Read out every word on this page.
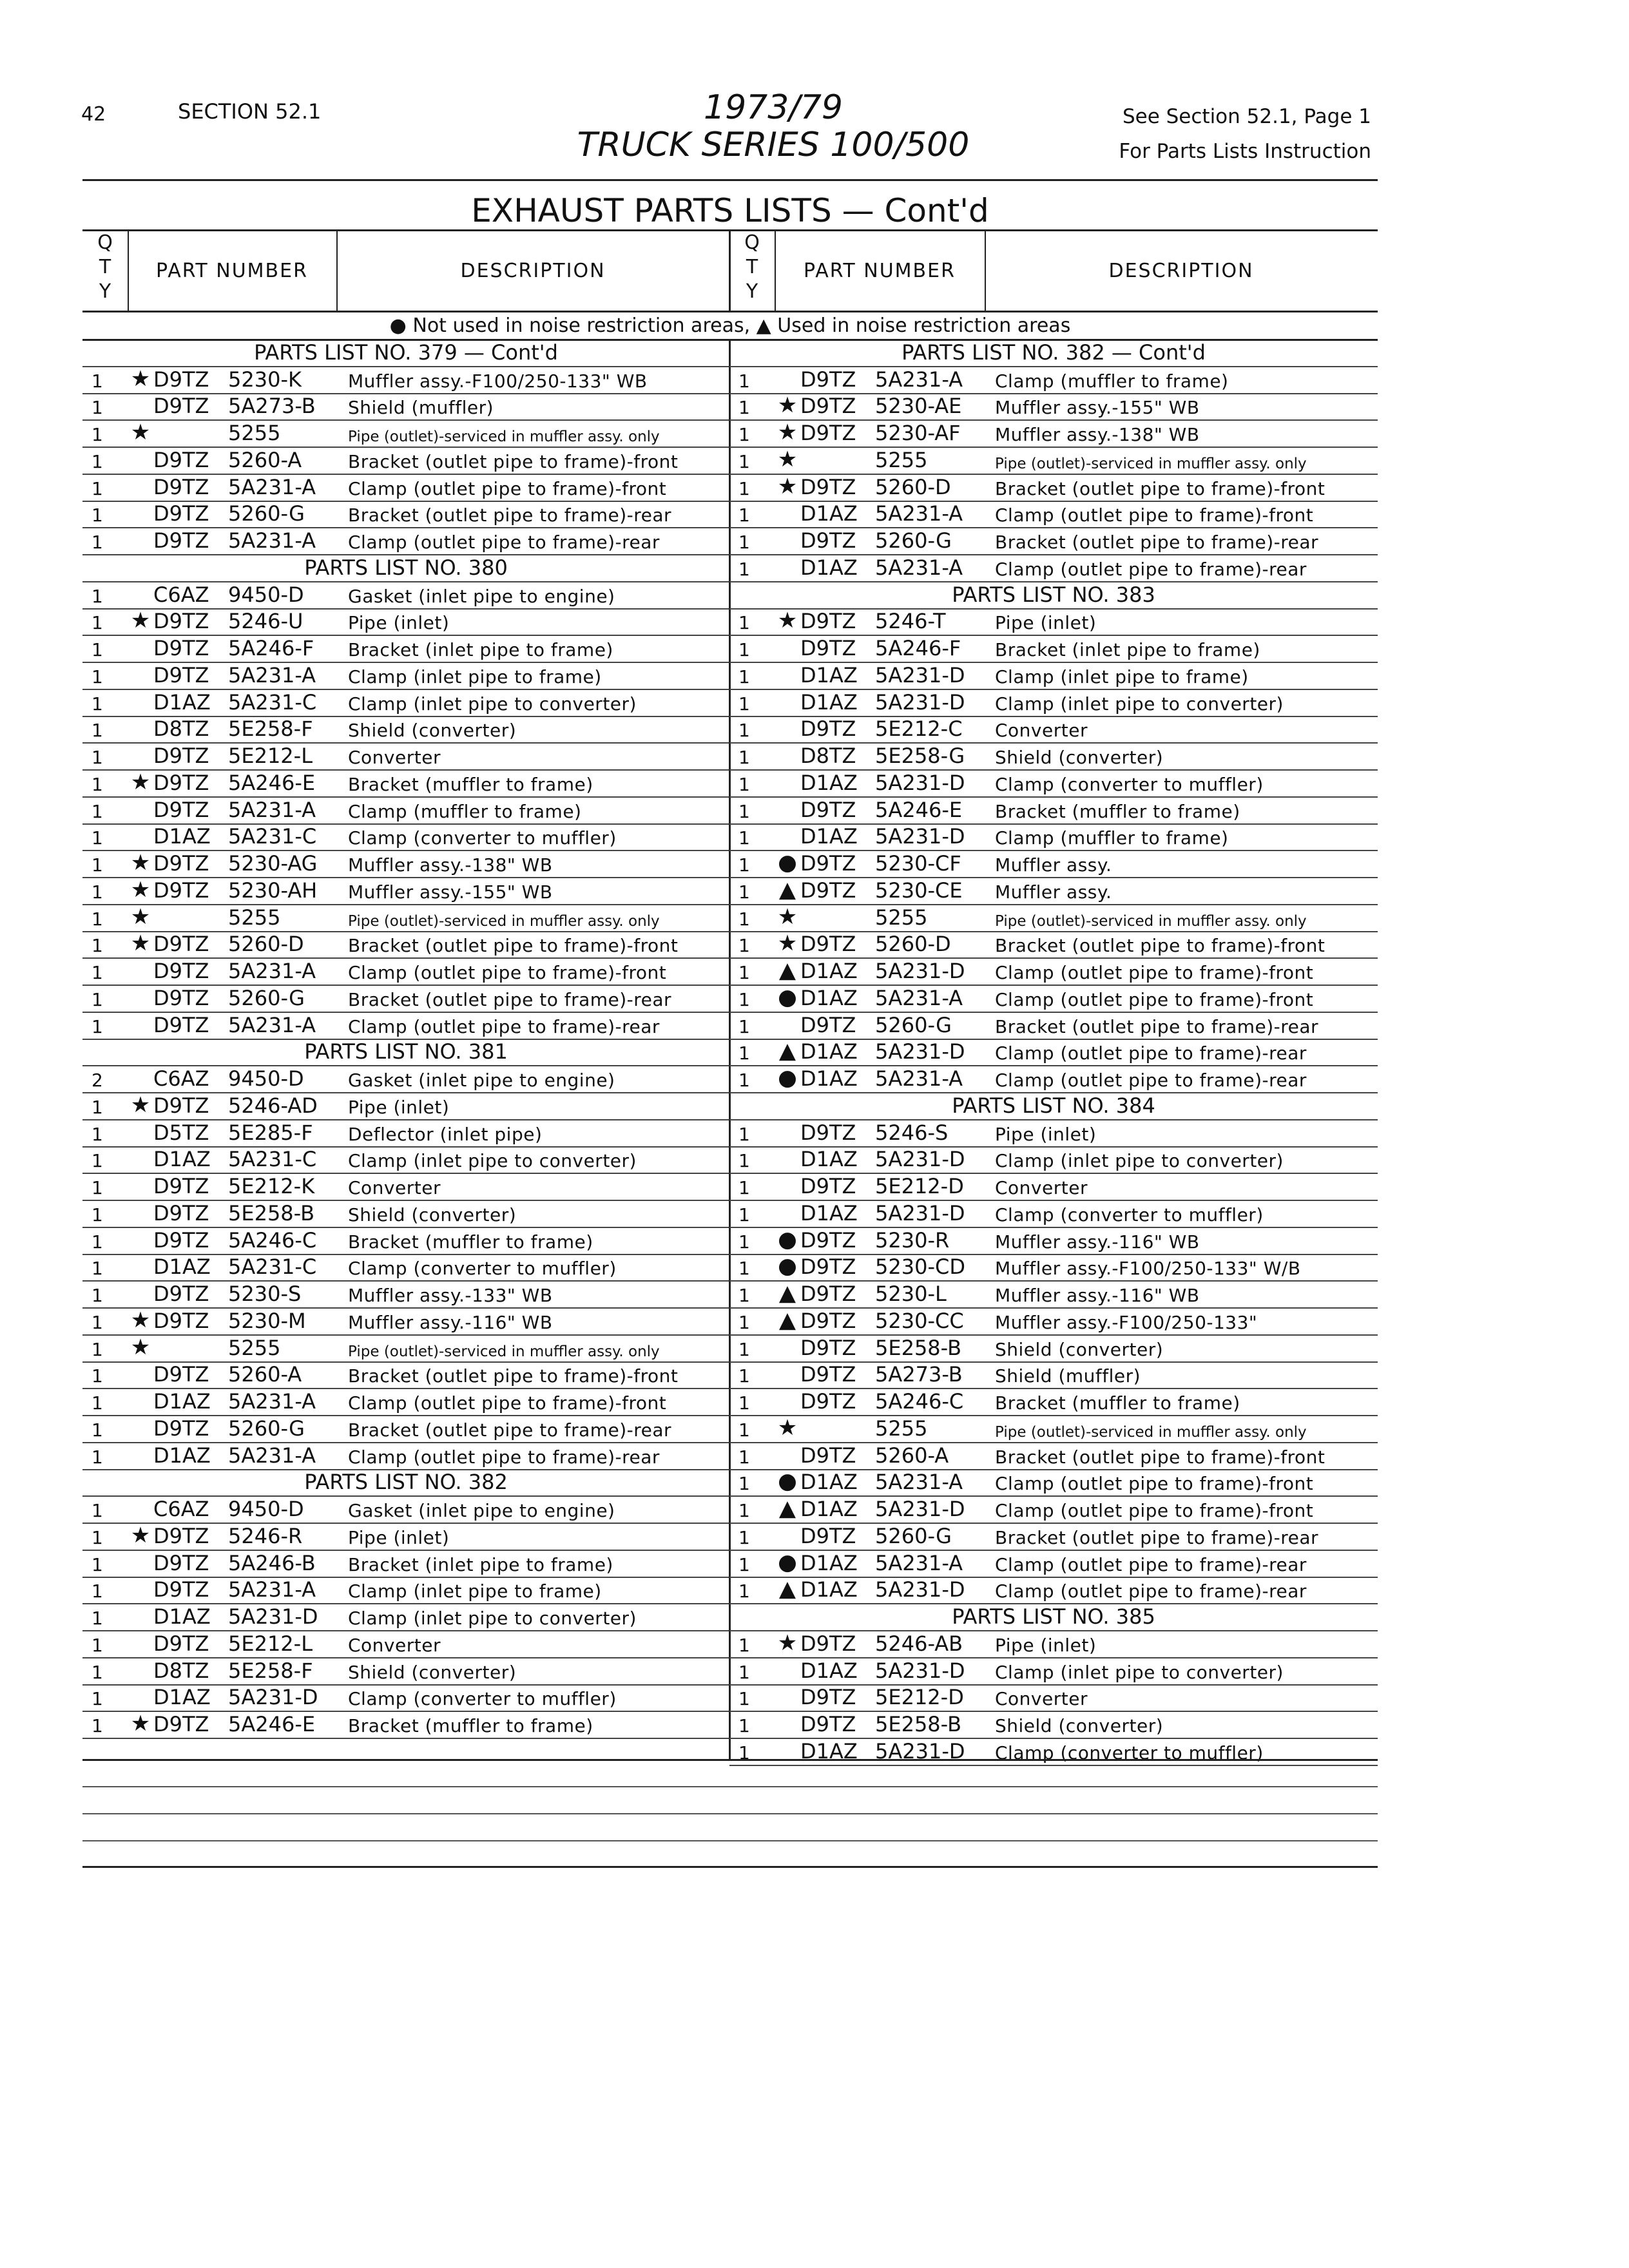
42	SECTION 52.1	1973/79
TRUCK SERIES 100/500
See Section 52.1, Page 1
For Parts Lists Instruction
EXHAUST PARTS LISTS — Cont'd
Q
T
Y
PART NUMBER	DESCRIPTION
Q
T
Y
PART NUMBER	DESCRIPTION
● Not used in noise restriction areas, ▲ Used in noise restriction areas
PARTS LIST NO. 379 — Cont'd
1 ★ D9TZ 5230-K	Muffler assy.-F100/250-133" WB
1 D9TZ 5A273-B Shield (muffler)
1 ★	5255	Pipe (outlet)-serviced in muffler assy. only
1 D9TZ 5260-A	Bracket (outlet pipe to frame)-front
1 D9TZ 5A231-A Clamp (outlet pipe to frame)-front
1 D9TZ 5260-G Bracket (outlet pipe to frame)-rear
1 D9TZ 5A231-A Clamp (outlet pipe to frame)-rear
PARTS LIST NO. 380
1 C6AZ 9450-D Gasket (inlet pipe to engine)
1 ★ D9TZ 5246-U Pipe (inlet)
1 D9TZ 5A246-F Bracket (inlet pipe to frame)
1 D9TZ 5A231-A Clamp (inlet pipe to frame)
1 D1AZ 5A231-C Clamp (inlet pipe to converter)
1 D8TZ 5E258-F Shield (converter)
1 D9TZ 5E212-L Converter
1 ★ D9TZ 5A246-E Bracket (muffler to frame)
1 D9TZ 5A231-A Clamp (muffler to frame)
1 D1AZ 5A231-C Clamp (converter to muffler)
1 ★ D9TZ 5230-AG Muffler assy.-138" WB
1 ★ D9TZ 5230-AH Muffler assy.-155" WB
1 ★	5255	Pipe (outlet)-serviced in muffler assy. only
1 ★ D9TZ 5260-D Bracket (outlet pipe to frame)-front
1 D9TZ 5A231-A Clamp (outlet pipe to frame)-front
1 D9TZ 5260-G Bracket (outlet pipe to frame)-rear
1 D9TZ 5A231-A Clamp (outlet pipe to frame)-rear
PARTS LIST NO. 381
2 C6AZ 9450-D Gasket (inlet pipe to engine)
1 ★ D9TZ 5246-AD Pipe (inlet)
1 D5TZ 5E285-F Deflector (inlet pipe)
1 D1AZ 5A231-C Clamp (inlet pipe to converter)
1 D9TZ 5E212-K Converter
1 D9TZ 5E258-B Shield (converter)
1 D9TZ 5A246-C Bracket (muffler to frame)
1 D1AZ 5A231-C Clamp (converter to muffler)
1 D9TZ 5230-S	Muffler assy.-133" WB
1 ★ D9TZ 5230-M Muffler assy.-116" WB
1 ★	5255	Pipe (outlet)-serviced in muffler assy. only
1 D9TZ 5260-A	Bracket (outlet pipe to frame)-front
1 D1AZ 5A231-A Clamp (outlet pipe to frame)-front
1 D9TZ 5260-G Bracket (outlet pipe to frame)-rear
1 D1AZ 5A231-A Clamp (outlet pipe to frame)-rear
PARTS LIST NO. 382
1 C6AZ 9450-D Gasket (inlet pipe to engine)
1 ★ D9TZ 5246-R	Pipe (inlet)
1 D9TZ 5A246-B Bracket (inlet pipe to frame)
1 D9TZ 5A231-A Clamp (inlet pipe to frame)
1 D1AZ 5A231-D Clamp (inlet pipe to converter)
1 D9TZ 5E212-L Converter
1 D8TZ 5E258-F Shield (converter)
1 D1AZ 5A231-D Clamp (converter to muffler)
1 ★ D9TZ 5A246-E Bracket (muffler to frame)
PARTS LIST NO. 382 — Cont'd
1 D9TZ 5A231-A Clamp (muffler to frame)
1 ★ D9TZ 5230-AE Muffler assy.-155" WB
1 ★ D9TZ 5230-AF Muffler assy.-138" WB
1 ★	5255	Pipe (outlet)-serviced in muffler assy. only
1 ★ D9TZ 5260-D Bracket (outlet pipe to frame)-front
1 D1AZ 5A231-A Clamp (outlet pipe to frame)-front
1 D9TZ 5260-G Bracket (outlet pipe to frame)-rear
1 D1AZ 5A231-A Clamp (outlet pipe to frame)-rear
PARTS LIST NO. 383
1 ★ D9TZ 5246-T	Pipe (inlet)
1 D9TZ 5A246-F Bracket (inlet pipe to frame)
1 D1AZ 5A231-D Clamp (inlet pipe to frame)
1 D1AZ 5A231-D Clamp (inlet pipe to converter)
1 D9TZ 5E212-C Converter
1 D8TZ 5E258-G Shield (converter)
1 D1AZ 5A231-D Clamp (converter to muffler)
1 D9TZ 5A246-E Bracket (muffler to frame)
1 D1AZ 5A231-D Clamp (muffler to frame)
1 ● D9TZ 5230-CF Muffler assy.
1 ▲ D9TZ 5230-CE Muffler assy.
1 ★	5255	Pipe (outlet)-serviced in muffler assy. only
1 ★ D9TZ 5260-D Bracket (outlet pipe to frame)-front
1 ▲ D1AZ 5A231-D Clamp (outlet pipe to frame)-front
1 ● D1AZ 5A231-A Clamp (outlet pipe to frame)-front
1 D9TZ 5260-G Bracket (outlet pipe to frame)-rear
1 ▲ D1AZ 5A231-D Clamp (outlet pipe to frame)-rear
1 ● D1AZ 5A231-A Clamp (outlet pipe to frame)-rear
PARTS LIST NO. 384
1 D9TZ 5246-S	Pipe (inlet)
1 D1AZ 5A231-D Clamp (inlet pipe to converter)
1 D9TZ 5E212-D Converter
1 D1AZ 5A231-D Clamp (converter to muffler)
1 ● D9TZ 5230-R	Muffler assy.-116" WB
1 ● D9TZ 5230-CD Muffler assy.-F100/250-133" W/B
1 ▲ D9TZ 5230-L	Muffler assy.-116" WB
1 ▲ D9TZ 5230-CC Muffler assy.-F100/250-133"
1 D9TZ 5E258-B Shield (converter)
1 D9TZ 5A273-B Shield (muffler)
1 D9TZ 5A246-C Bracket (muffler to frame)
1 ★	5255	Pipe (outlet)-serviced in muffler assy. only
1 D9TZ 5260-A	Bracket (outlet pipe to frame)-front
1 ● D1AZ 5A231-A Clamp (outlet pipe to frame)-front
1 ▲ D1AZ 5A231-D Clamp (outlet pipe to frame)-front
1 D9TZ 5260-G Bracket (outlet pipe to frame)-rear
1 ● D1AZ 5A231-A Clamp (outlet pipe to frame)-rear
1 ▲ D1AZ 5A231-D Clamp (outlet pipe to frame)-rear
PARTS LIST NO. 385
1 ★ D9TZ 5246-AB Pipe (inlet)
1 D1AZ 5A231-D Clamp (inlet pipe to converter)
1 D9TZ 5E212-D Converter
1 D9TZ 5E258-B Shield (converter)
1 D1AZ 5A231-D Clamp (converter to muffler)
